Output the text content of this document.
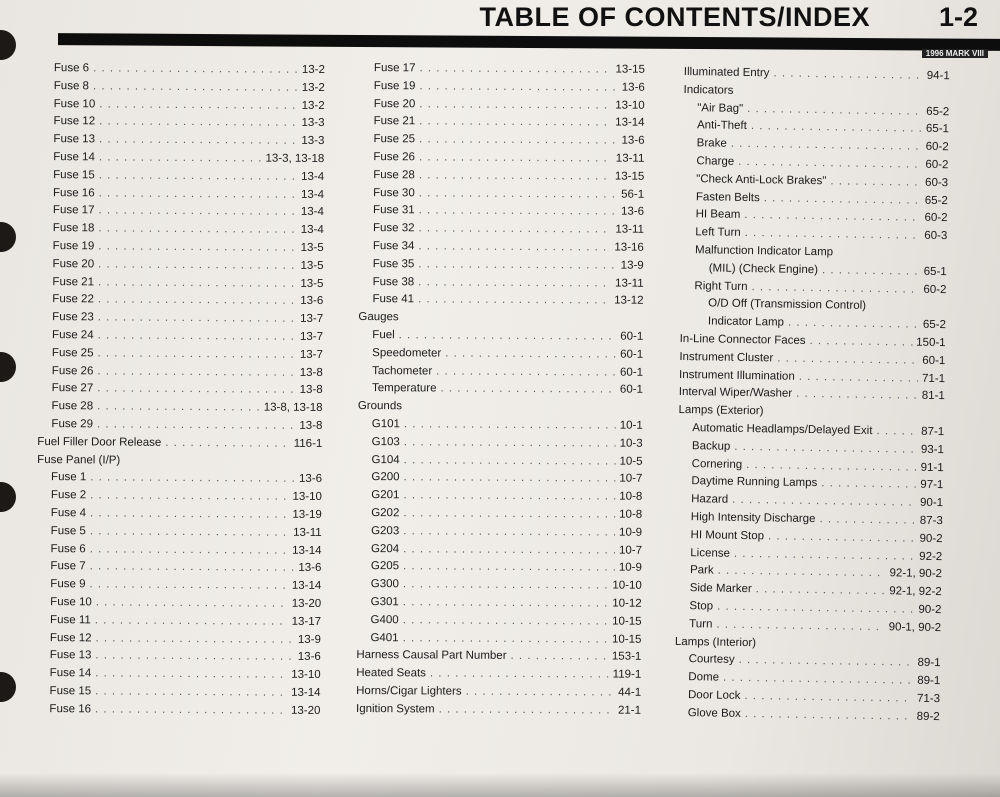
TABLE OF CONTENTS/INDEX	1-2
1996 MARK VIII
Fuse 6 . . .	13-2
Fuse 8 . . .	13-2
Fuse 10 . . .	13-2
Fuse 12 . . .	13-3
Fuse 13 . . .	13-3
Fuse 14 . . .	13-3, 13-18
Fuse 15 . . .	13-4
Fuse 16 . . .	13-4
Fuse 17 . . .	13-4
Fuse 18 . . .	13-4
Fuse 19 . . .	13-5
Fuse 20 . . .	13-5
Fuse 21 . . .	13-5
Fuse 22 . . .	13-6
Fuse 23 . . .	13-7
Fuse 24 . . .	13-7
Fuse 25 . . .	13-7
Fuse 26 . . .	13-8
Fuse 27 . . .	13-8
Fuse 28 . . .	13-8, 13-18
Fuse 29 . . .	13-8
Fuel Filler Door Release . . .	116-1
Fuse Panel (I/P)
Fuse 1 . . .	13-6
Fuse 2 . . .	13-10
Fuse 4 . . .	13-19
Fuse 5 . . .	13-11
Fuse 6 . . .	13-14
Fuse 7 . . .	13-6
Fuse 9 . . .	13-14
Fuse 10 . . .	13-20
Fuse 11 . . .	13-17
Fuse 12 . . .	13-9
Fuse 13 . . .	13-6
Fuse 14 . . .	13-10
Fuse 15 . . .	13-14
Fuse 16 . . .	13-20
Fuse 17 . . .	13-15
Fuse 19 . . .	13-6
Fuse 20 . . .	13-10
Fuse 21 . . .	13-14
Fuse 25 . . .	13-6
Fuse 26 . . .	13-11
Fuse 28 . . .	13-15
Fuse 30 . . .	56-1
Fuse 31 . . .	13-6
Fuse 32 . . .	13-11
Fuse 34 . . .	13-16
Fuse 35 . . .	13-9
Fuse 38 . . .	13-11
Fuse 41 . . .	13-12
Gauges
Fuel . . .	60-1
Speedometer . . .	60-1
Tachometer . . .	60-1
Temperature . . .	60-1
Grounds
G101 . . .	10-1
G103 . . .	10-3
G104 . . .	10-5
G200 . . .	10-7
G201 . . .	10-8
G202 . . .	10-8
G203 . . .	10-9
G204 . . .	10-7
G205 . . .	10-9
G300 . . .	10-10
G301 . . .	10-12
G400 . . .	10-15
G401 . . .	10-15
Harness Causal Part Number . . .	153-1
Heated Seats . . .	119-1
Horns/Cigar Lighters . . .	44-1
Ignition System . . .	21-1
Illuminated Entry . . .	94-1
Indicators
"Air Bag" . . .	65-2
Anti-Theft . . .	65-1
Brake . . .	60-2
Charge . . .	60-2
"Check Anti-Lock Brakes" . . .	60-3
Fasten Belts . . .	65-2
HI Beam . . .	60-2
Left Turn . . .	60-3
Malfunction Indicator Lamp
(MIL) (Check Engine) . . .	65-1
Right Turn . . .	60-2
O/D Off (Transmission Control)
Indicator Lamp . . .	65-2
In-Line Connector Faces . . .	150-1
Instrument Cluster . . .	60-1
Instrument Illumination . . .	71-1
Interval Wiper/Washer . . .	81-1
Lamps (Exterior)
Automatic Headlamps/Delayed Exit . . .	87-1
Backup . . .	93-1
Cornering . . .	91-1
Daytime Running Lamps . . .	97-1
Hazard . . .	90-1
High Intensity Discharge . . .	87-3
HI Mount Stop . . .	90-2
License . . .	92-2
Park . . .	92-1, 90-2
Side Marker . . .	92-1, 92-2
Stop . . .	90-2
Turn . . .	90-1, 90-2
Lamps (Interior)
Courtesy . . .	89-1
Dome . . .	89-1
Door Lock . . .	71-3
Glove Box . . .	89-2
